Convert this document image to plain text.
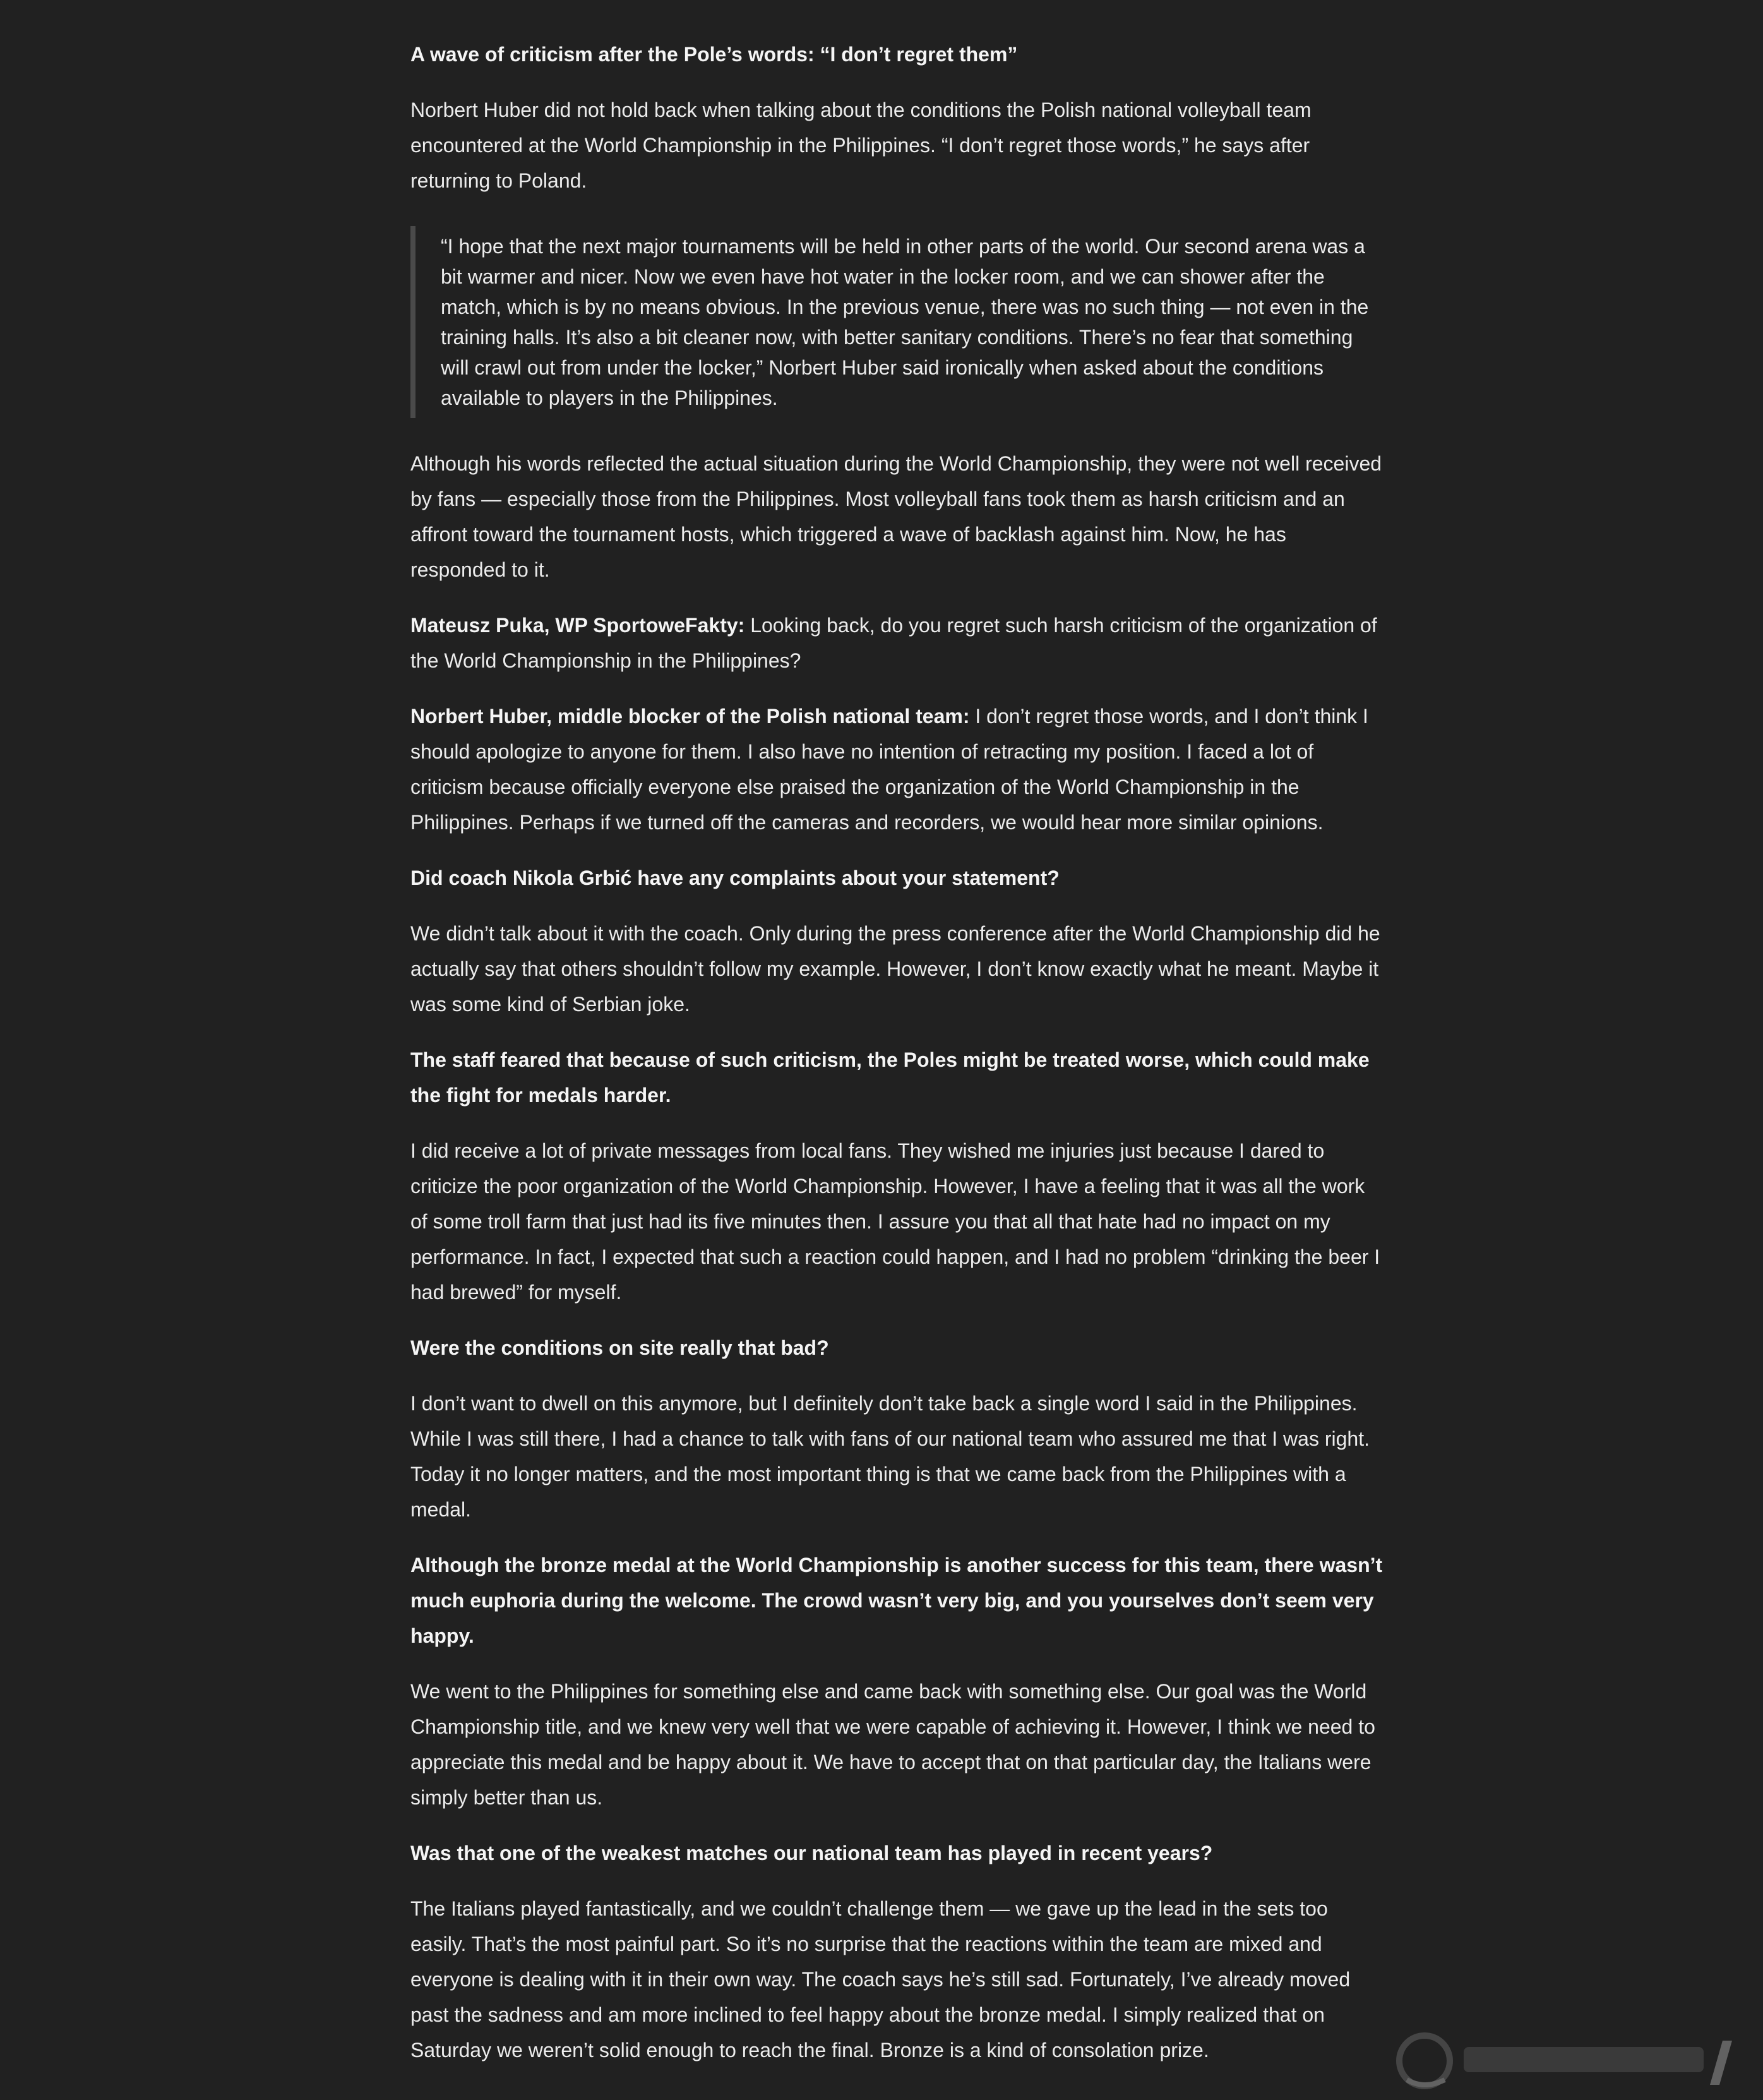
A wave of criticism after the Pole’s words: “I don’t regret them”
Norbert Huber did not hold back when talking about the conditions the Polish national volleyball team encountered at the World Championship in the Philippines. “I don’t regret those words,” he says after returning to Poland.
“I hope that the next major tournaments will be held in other parts of the world. Our second arena was a bit warmer and nicer. Now we even have hot water in the locker room, and we can shower after the match, which is by no means obvious. In the previous venue, there was no such thing — not even in the training halls. It’s also a bit cleaner now, with better sanitary conditions. There’s no fear that something will crawl out from under the locker,” Norbert Huber said ironically when asked about the conditions available to players in the Philippines.
Although his words reflected the actual situation during the World Championship, they were not well received by fans — especially those from the Philippines. Most volleyball fans took them as harsh criticism and an affront toward the tournament hosts, which triggered a wave of backlash against him. Now, he has responded to it.
Mateusz Puka, WP SportoweFakty: Looking back, do you regret such harsh criticism of the organization of the World Championship in the Philippines?
Norbert Huber, middle blocker of the Polish national team: I don’t regret those words, and I don’t think I should apologize to anyone for them. I also have no intention of retracting my position. I faced a lot of criticism because officially everyone else praised the organization of the World Championship in the Philippines. Perhaps if we turned off the cameras and recorders, we would hear more similar opinions.
Did coach Nikola Grbić have any complaints about your statement?
We didn’t talk about it with the coach. Only during the press conference after the World Championship did he actually say that others shouldn’t follow my example. However, I don’t know exactly what he meant. Maybe it was some kind of Serbian joke.
The staff feared that because of such criticism, the Poles might be treated worse, which could make the fight for medals harder.
I did receive a lot of private messages from local fans. They wished me injuries just because I dared to criticize the poor organization of the World Championship. However, I have a feeling that it was all the work of some troll farm that just had its five minutes then. I assure you that all that hate had no impact on my performance. In fact, I expected that such a reaction could happen, and I had no problem “drinking the beer I had brewed” for myself.
Were the conditions on site really that bad?
I don’t want to dwell on this anymore, but I definitely don’t take back a single word I said in the Philippines. While I was still there, I had a chance to talk with fans of our national team who assured me that I was right. Today it no longer matters, and the most important thing is that we came back from the Philippines with a medal.
Although the bronze medal at the World Championship is another success for this team, there wasn’t much euphoria during the welcome. The crowd wasn’t very big, and you yourselves don’t seem very happy.
We went to the Philippines for something else and came back with something else. Our goal was the World Championship title, and we knew very well that we were capable of achieving it. However, I think we need to appreciate this medal and be happy about it. We have to accept that on that particular day, the Italians were simply better than us.
Was that one of the weakest matches our national team has played in recent years?
The Italians played fantastically, and we couldn’t challenge them — we gave up the lead in the sets too easily. That’s the most painful part. So it’s no surprise that the reactions within the team are mixed and everyone is dealing with it in their own way. The coach says he’s still sad. Fortunately, I’ve already moved past the sadness and am more inclined to feel happy about the bronze medal. I simply realized that on Saturday we weren’t solid enough to reach the final. Bronze is a kind of consolation prize.
